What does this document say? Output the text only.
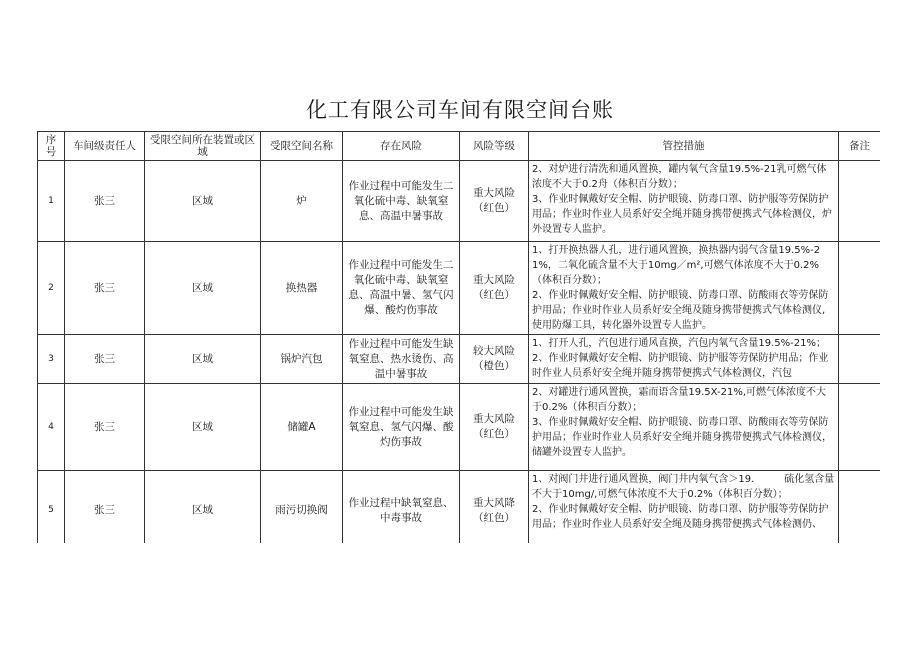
化工有限公司车间有限空间台账
序号	车间级责任人	受限空间所在装置或区域	受限空间名称	存在风险	风险等级	管控措施	备注
1	张三	区域	炉	作业过程中可能发生二氧化硫中毒、缺氧窒息、高温中暑事故	重大风险（红色）	2、对炉进行清洗和通风置换，罐内氧气含量19.5%-21乳可燃气体浓度不大于0.2舟（体积百分数）；
3、作业时佩戴好安全帽、防护眼镜、防毒口罩、防护服等劳保防护用品；作业时作业人员系好安全绳并随身携带便携式气体检测仪，炉外设置专人监护。	

2	张三	区域	换热器	作业过程中可能发生二氧化硫中毒、缺氧窒息、高温中暑、氢气闪爆、酸灼伤事故	重大风险（红色）	1、打开换热器人孔，进行通风置换，换热器内弱气含量19.5%-21%，二氧化硫含量不大于10mg／m²,可燃气体浓度不大于0.2%（体积百分数）；
2、作业时佩戴好安全帽、防护眼镜、防毒口罩、防酸雨衣等劳保防护用品；作业时作业人员系好安全绳及随身携带便携式气体检测仪,使用防爆工具，转化器外设置专人监护。	

3	张三	区域	锅炉汽包	作业过程中可能发生缺氧窒息、热水烫伤、高温中暑事故	较大风险（橙色）	1、打开人孔，汽包进行通风直换，汽包内氧气含量19.5%-21%；
2、作业时佩戴好安全帽、防护眼镜、防护服等劳保防护用品；作业时作业人员系好安全绳并随身携带便携式气体检测仪，汽包	

4	张三	区域	储罐A	作业过程中可能发生缺氧窒息、氢气闪爆、酸灼伤事故	重大风险（红色）	2、对罐进行通风置换，霜而语含量19.5X-21%,可燃气体浓度不大于0.2%（体积百分数）；
3、作业时佩戴好安全帽、防护眼镜、防毒口罩、防酸雨衣等劳保防护用品；作业时作业人员系好安全绳并随身携带便携式气体检测仪，储罐外设置专人监护。	

5	张三	区域	雨污切换阀	作业过程中缺氧窒息、中毒事故	重大风降（红色）	1、对阀门井进行通风置换，阀门井内氧气含＞19.　　　硫化氢含量不大于10mg/,可燃气体浓度不大于0.2%（体积百分数）；
2、作业时佩戴好安全帽、防护眼镜、防毒口罩、防护服等劳保防护用品；作业时作业人员系好安全绳及随身携带便携式气体检测仍、	
